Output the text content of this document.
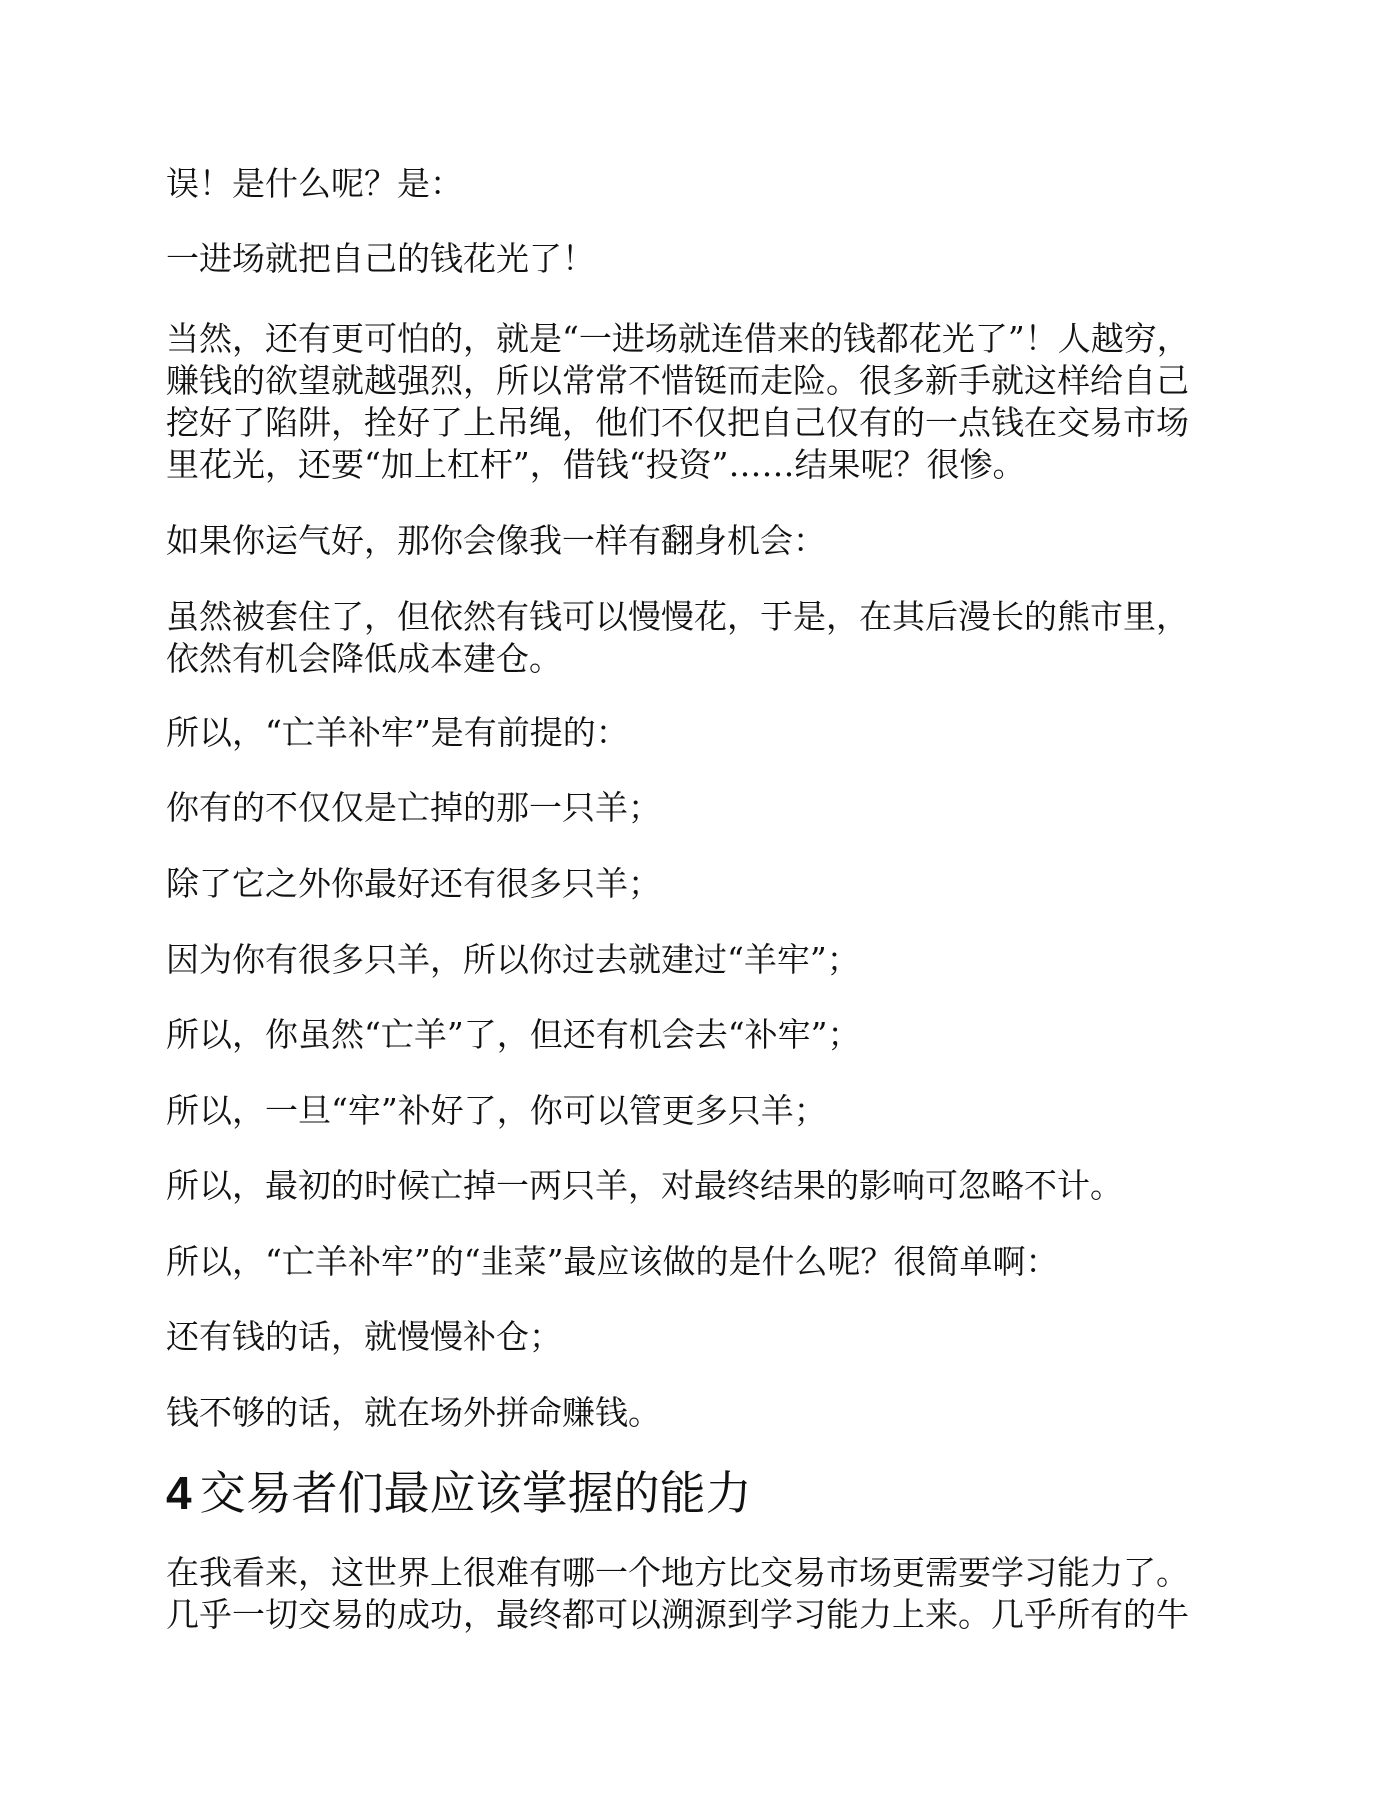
误！是什么呢？是：

一进场就把自己的钱花光了！

当然，还有更可怕的，就是“一进场就连借来的钱都花光了”！人越穷，
赚钱的欲望就越强烈，所以常常不惜铤而走险。很多新手就这样给自己
挖好了陷阱，拴好了上吊绳，他们不仅把自己仅有的一点钱在交易市场
里花光，还要“加上杠杆”，借钱“投资”……结果呢？很惨。

如果你运气好，那你会像我一样有翻身机会：

虽然被套住了，但依然有钱可以慢慢花，于是，在其后漫长的熊市里，
依然有机会降低成本建仓。

所以，“亡羊补牢”是有前提的：

你有的不仅仅是亡掉的那一只羊；

除了它之外你最好还有很多只羊；

因为你有很多只羊，所以你过去就建过“羊牢”；

所以，你虽然“亡羊”了，但还有机会去“补牢”；

所以，一旦“牢”补好了，你可以管更多只羊；

所以，最初的时候亡掉一两只羊，对最终结果的影响可忽略不计。

所以，“亡羊补牢”的“韭菜”最应该做的是什么呢？很简单啊：

还有钱的话，就慢慢补仓；

钱不够的话，就在场外拼命赚钱。

4 交易者们最应该掌握的能力

在我看来，这世界上很难有哪一个地方比交易市场更需要学习能力了。
几乎一切交易的成功，最终都可以溯源到学习能力上来。几乎所有的牛
